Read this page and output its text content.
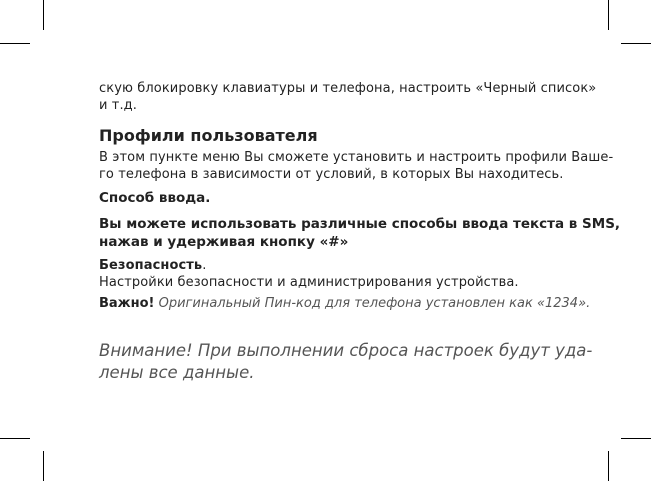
скую блокировку клавиатуры и телефона, настроить «Черный список»
и т.д.
Профили пользователя
В этом пункте меню Вы сможете установить и настроить профили Ваше-
го телефона в зависимости от условий, в которых Вы находитесь.
Способ ввода.
Вы можете использовать различные способы ввода текста в SMS,
нажав и удерживая кнопку «#»
Безопасность.
Настройки безопасности и администрирования устройства.
Важно! Оригинальный Пин-код для телефона установлен как «1234».
Внимание! При выполнении сброса настроек будут уда-
лены все данные.
